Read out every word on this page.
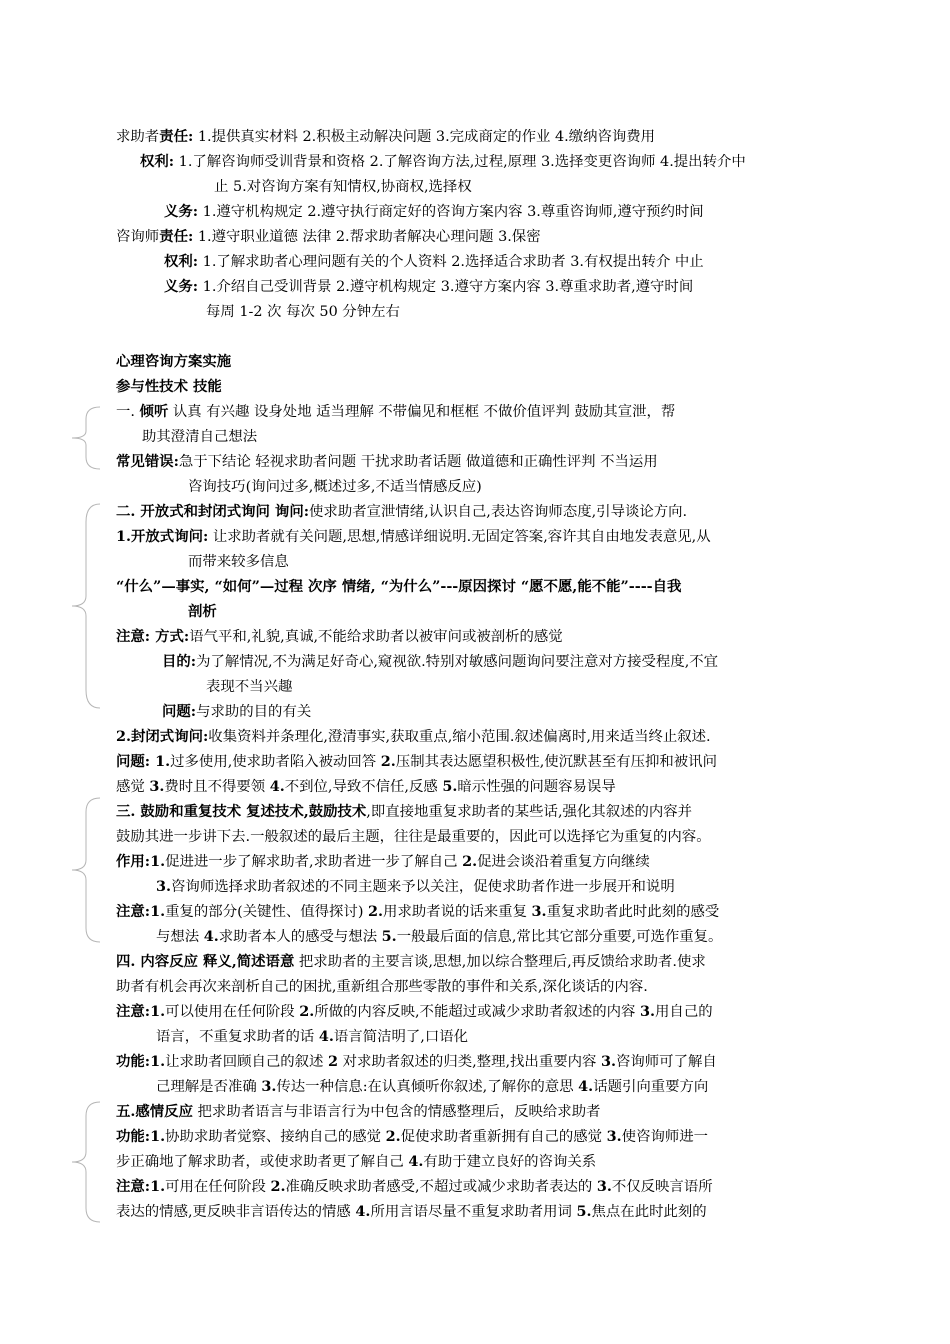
求助者责任: 1.提供真实材料 2.积极主动解决问题 3.完成商定的作业 4.缴纳咨询费用
权利: 1.了解咨询师受训背景和资格 2.了解咨询方法,过程,原理 3.选择变更咨询师 4.提出转介中
止 5.对咨询方案有知情权,协商权,选择权
义务: 1.遵守机构规定 2.遵守执行商定好的咨询方案内容 3.尊重咨询师,遵守预约时间
咨询师责任: 1.遵守职业道德 法律 2.帮求助者解决心理问题 3.保密
权利: 1.了解求助者心理问题有关的个人资料 2.选择适合求助者 3.有权提出转介 中止
义务: 1.介绍自己受训背景 2.遵守机构规定 3.遵守方案内容 3.尊重求助者,遵守时间
每周 1-2 次 每次 50 分钟左右
心理咨询方案实施
参与性技术 技能
一. 倾听 认真 有兴趣 设身处地 适当理解 不带偏见和框框 不做价值评判 鼓励其宣泄，帮
助其澄清自己想法
常见错误:急于下结论 轻视求助者问题 干扰求助者话题 做道德和正确性评判 不当运用
咨询技巧(询问过多,概述过多,不适当情感反应)
二. 开放式和封闭式询问 询问:使求助者宣泄情绪,认识自己,表达咨询师态度,引导谈论方向.
1.开放式询问: 让求助者就有关问题,思想,情感详细说明.无固定答案,容许其自由地发表意见,从
而带来较多信息
“什么”—事实, “如何”—过程 次序 情绪, “为什么”---原因探讨 “愿不愿,能不能”----自我
剖析
注意: 方式:语气平和,礼貌,真诚,不能给求助者以被审问或被剖析的感觉
目的:为了解情况,不为满足好奇心,窥视欲.特别对敏感问题询问要注意对方接受程度,不宜
表现不当兴趣
问题:与求助的目的有关
2.封闭式询问:收集资料并条理化,澄清事实,获取重点,缩小范围.叙述偏离时,用来适当终止叙述.
问题: 1.过多使用,使求助者陷入被动回答 2.压制其表达愿望积极性,使沉默甚至有压抑和被讯问
感觉 3.费时且不得要领 4.不到位,导致不信任,反感 5.暗示性强的问题容易误导
三. 鼓励和重复技术 复述技术,鼓励技术,即直接地重复求助者的某些话,强化其叙述的内容并
鼓励其进一步讲下去.一般叙述的最后主题，往往是最重要的，因此可以选择它为重复的内容。
作用:1.促进进一步了解求助者,求助者进一步了解自己 2.促进会谈沿着重复方向继续
3.咨询师选择求助者叙述的不同主题来予以关注，促使求助者作进一步展开和说明
注意:1.重复的部分(关键性、值得探讨) 2.用求助者说的话来重复 3.重复求助者此时此刻的感受
与想法 4.求助者本人的感受与想法 5.一般最后面的信息,常比其它部分重要,可选作重复。
四. 内容反应 释义,简述语意 把求助者的主要言谈,思想,加以综合整理后,再反馈给求助者.使求
助者有机会再次来剖析自己的困扰,重新组合那些零散的事件和关系,深化谈话的内容.
注意:1.可以使用在任何阶段 2.所做的内容反映,不能超过或减少求助者叙述的内容 3.用自己的
语言，不重复求助者的话 4.语言简洁明了,口语化
功能:1.让求助者回顾自己的叙述 2 对求助者叙述的归类,整理,找出重要内容 3.咨询师可了解自
己理解是否准确 3.传达一种信息:在认真倾听你叙述,了解你的意思 4.话题引向重要方向
五.感情反应 把求助者语言与非语言行为中包含的情感整理后，反映给求助者
功能:1.协助求助者觉察、接纳自己的感觉 2.促使求助者重新拥有自己的感觉 3.使咨询师进一
步正确地了解求助者，或使求助者更了解自己 4.有助于建立良好的咨询关系
注意:1.可用在任何阶段 2.准确反映求助者感受,不超过或减少求助者表达的 3.不仅反映言语所
表达的情感,更反映非言语传达的情感 4.所用言语尽量不重复求助者用词 5.焦点在此时此刻的
